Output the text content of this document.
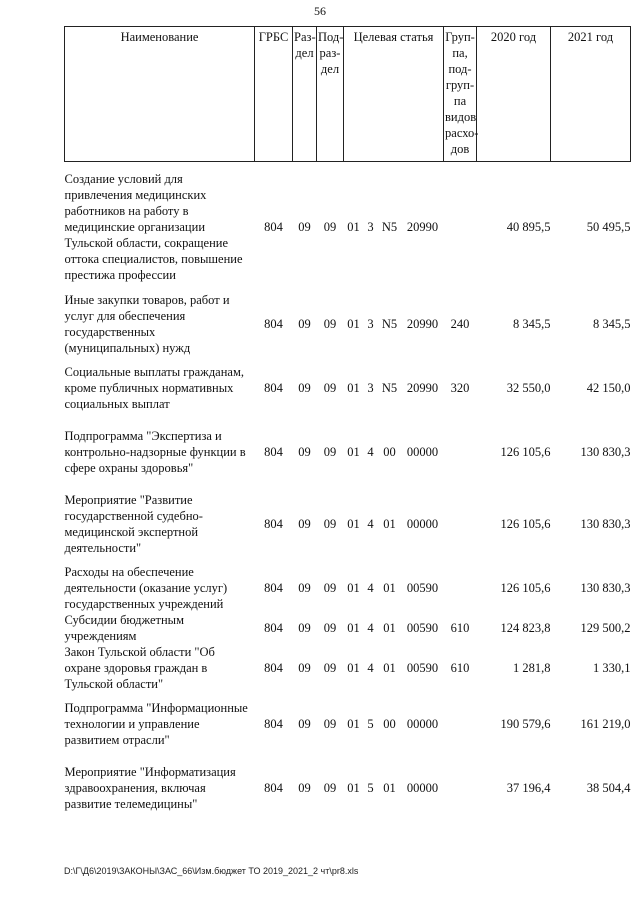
56
Наименование	ГРБС	Раз-дел	Под-раз-дел	Целевая статья				Груп-па, под-груп-па видов расхо-дов	2020 год	2021 год
Создание условий для привлечения медицинских работников на работу в медицинские организации Тульской области, сокращение оттока специалистов, повышение престижа профессии	804	09	09	01	3	N5	20990		40 895,5	50 495,5
Иные закупки товаров, работ и услуг для обеспечения государственных (муниципальных) нужд	804	09	09	01	3	N5	20990	240	8 345,5	8 345,5
Социальные выплаты гражданам, кроме публичных нормативных социальных выплат	804	09	09	01	3	N5	20990	320	32 550,0	42 150,0
Подпрограмма "Экспертиза и контрольно-надзорные функции в сфере охраны здоровья"	804	09	09	01	4	00	00000		126 105,6	130 830,3
Мероприятие "Развитие государственной судебно-медицинской экспертной деятельности"	804	09	09	01	4	01	00000		126 105,6	130 830,3
Расходы на обеспечение деятельности (оказание услуг) государственных учреждений	804	09	09	01	4	01	00590		126 105,6	130 830,3
Субсидии бюджетным учреждениям	804	09	09	01	4	01	00590	610	124 823,8	129 500,2
Закон Тульской области "Об охране здоровья граждан в Тульской области"	804	09	09	01	4	01	00590	610	1 281,8	1 330,1
Подпрограмма "Информационные технологии и управление развитием отрасли"	804	09	09	01	5	00	00000		190 579,6	161 219,0
Мероприятие "Информатизация здравоохранения, включая развитие телемедицины"	804	09	09	01	5	01	00000		37 196,4	38 504,4
D:\Г\Д6\2019\ЗАКОНЫ\ЗАС_66\Изм.бюджет ТО 2019_2021_2 чт\pr8.xls
